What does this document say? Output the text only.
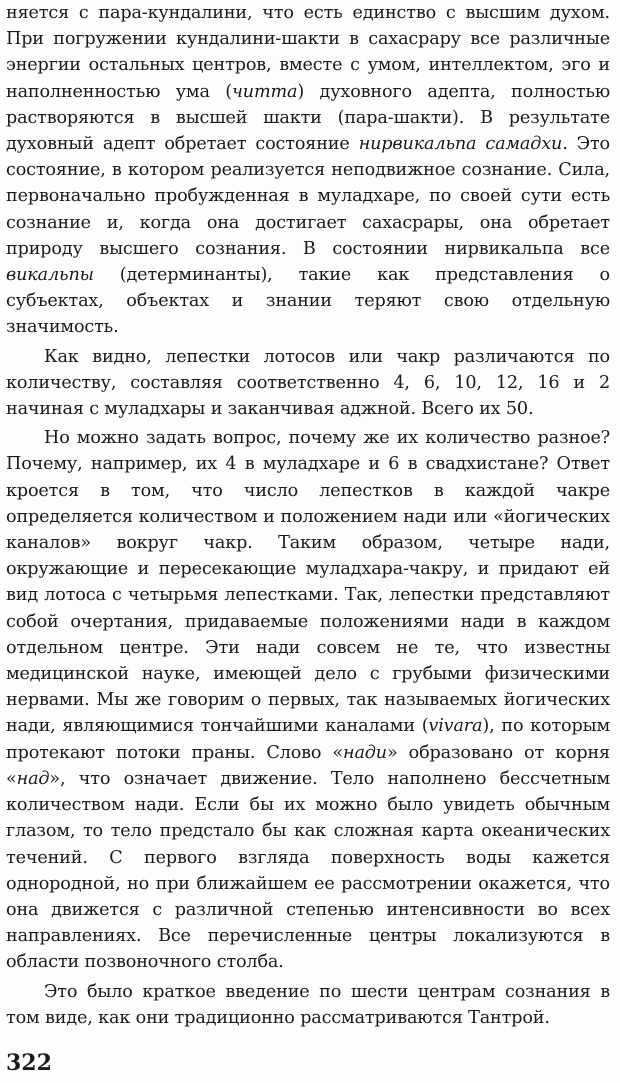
няется с пара-кундалини, что есть единство с высшим духом. При погружении кундалини-шакти в сахасрару все различные энергии остальных центров, вместе с умом, интеллектом, эго и наполненностью ума (читта) духовного адепта, полностью растворяются в высшей шакти (пара-шакти). В результате духовный адепт обретает состояние нирвикальпа самадхи. Это состояние, в котором реализуется неподвижное сознание. Сила, первоначально пробужденная в муладхаре, по своей сути есть сознание и, когда она достигает сахасрары, она обретает природу высшего сознания. В состоянии нирвикальпа все викальпы (детерминанты), такие как представления о субъектах, объектах и знании теряют свою отдельную значимость.

Как видно, лепестки лотосов или чакр различаются по количеству, составляя соответственно 4, 6, 10, 12, 16 и 2 начиная с муладхары и заканчивая аджной. Всего их 50.

Но можно задать вопрос, почему же их количество разное? Почему, например, их 4 в муладхаре и 6 в свадхистане? Ответ кроется в том, что число лепестков в каждой чакре определяется количеством и положением нади или «йогических каналов» вокруг чакр. Таким образом, четыре нади, окружающие и пересекающие муладхара-чакру, и придают ей вид лотоса с четырьмя лепестками. Так, лепестки представляют собой очертания, придаваемые положениями нади в каждом отдельном центре. Эти нади совсем не те, что известны медицинской науке, имеющей дело с грубыми физическими нервами. Мы же говорим о первых, так называемых йогических нади, являющимися тончайшими каналами (vivara), по которым протекают потоки праны. Слово «нади» образовано от корня «над», что означает движение. Тело наполнено бессчетным количеством нади. Если бы их можно было увидеть обычным глазом, то тело предстало бы как сложная карта океанических течений. С первого взгляда поверхность воды кажется однородной, но при ближайшем ее рассмотрении окажется, что она движется с различной степенью интенсивности во всех направлениях. Все перечисленные центры локализуются в области позвоночного столба.

Это было краткое введение по шести центрам сознания в том виде, как они традиционно рассматриваются Тантрой.

322
